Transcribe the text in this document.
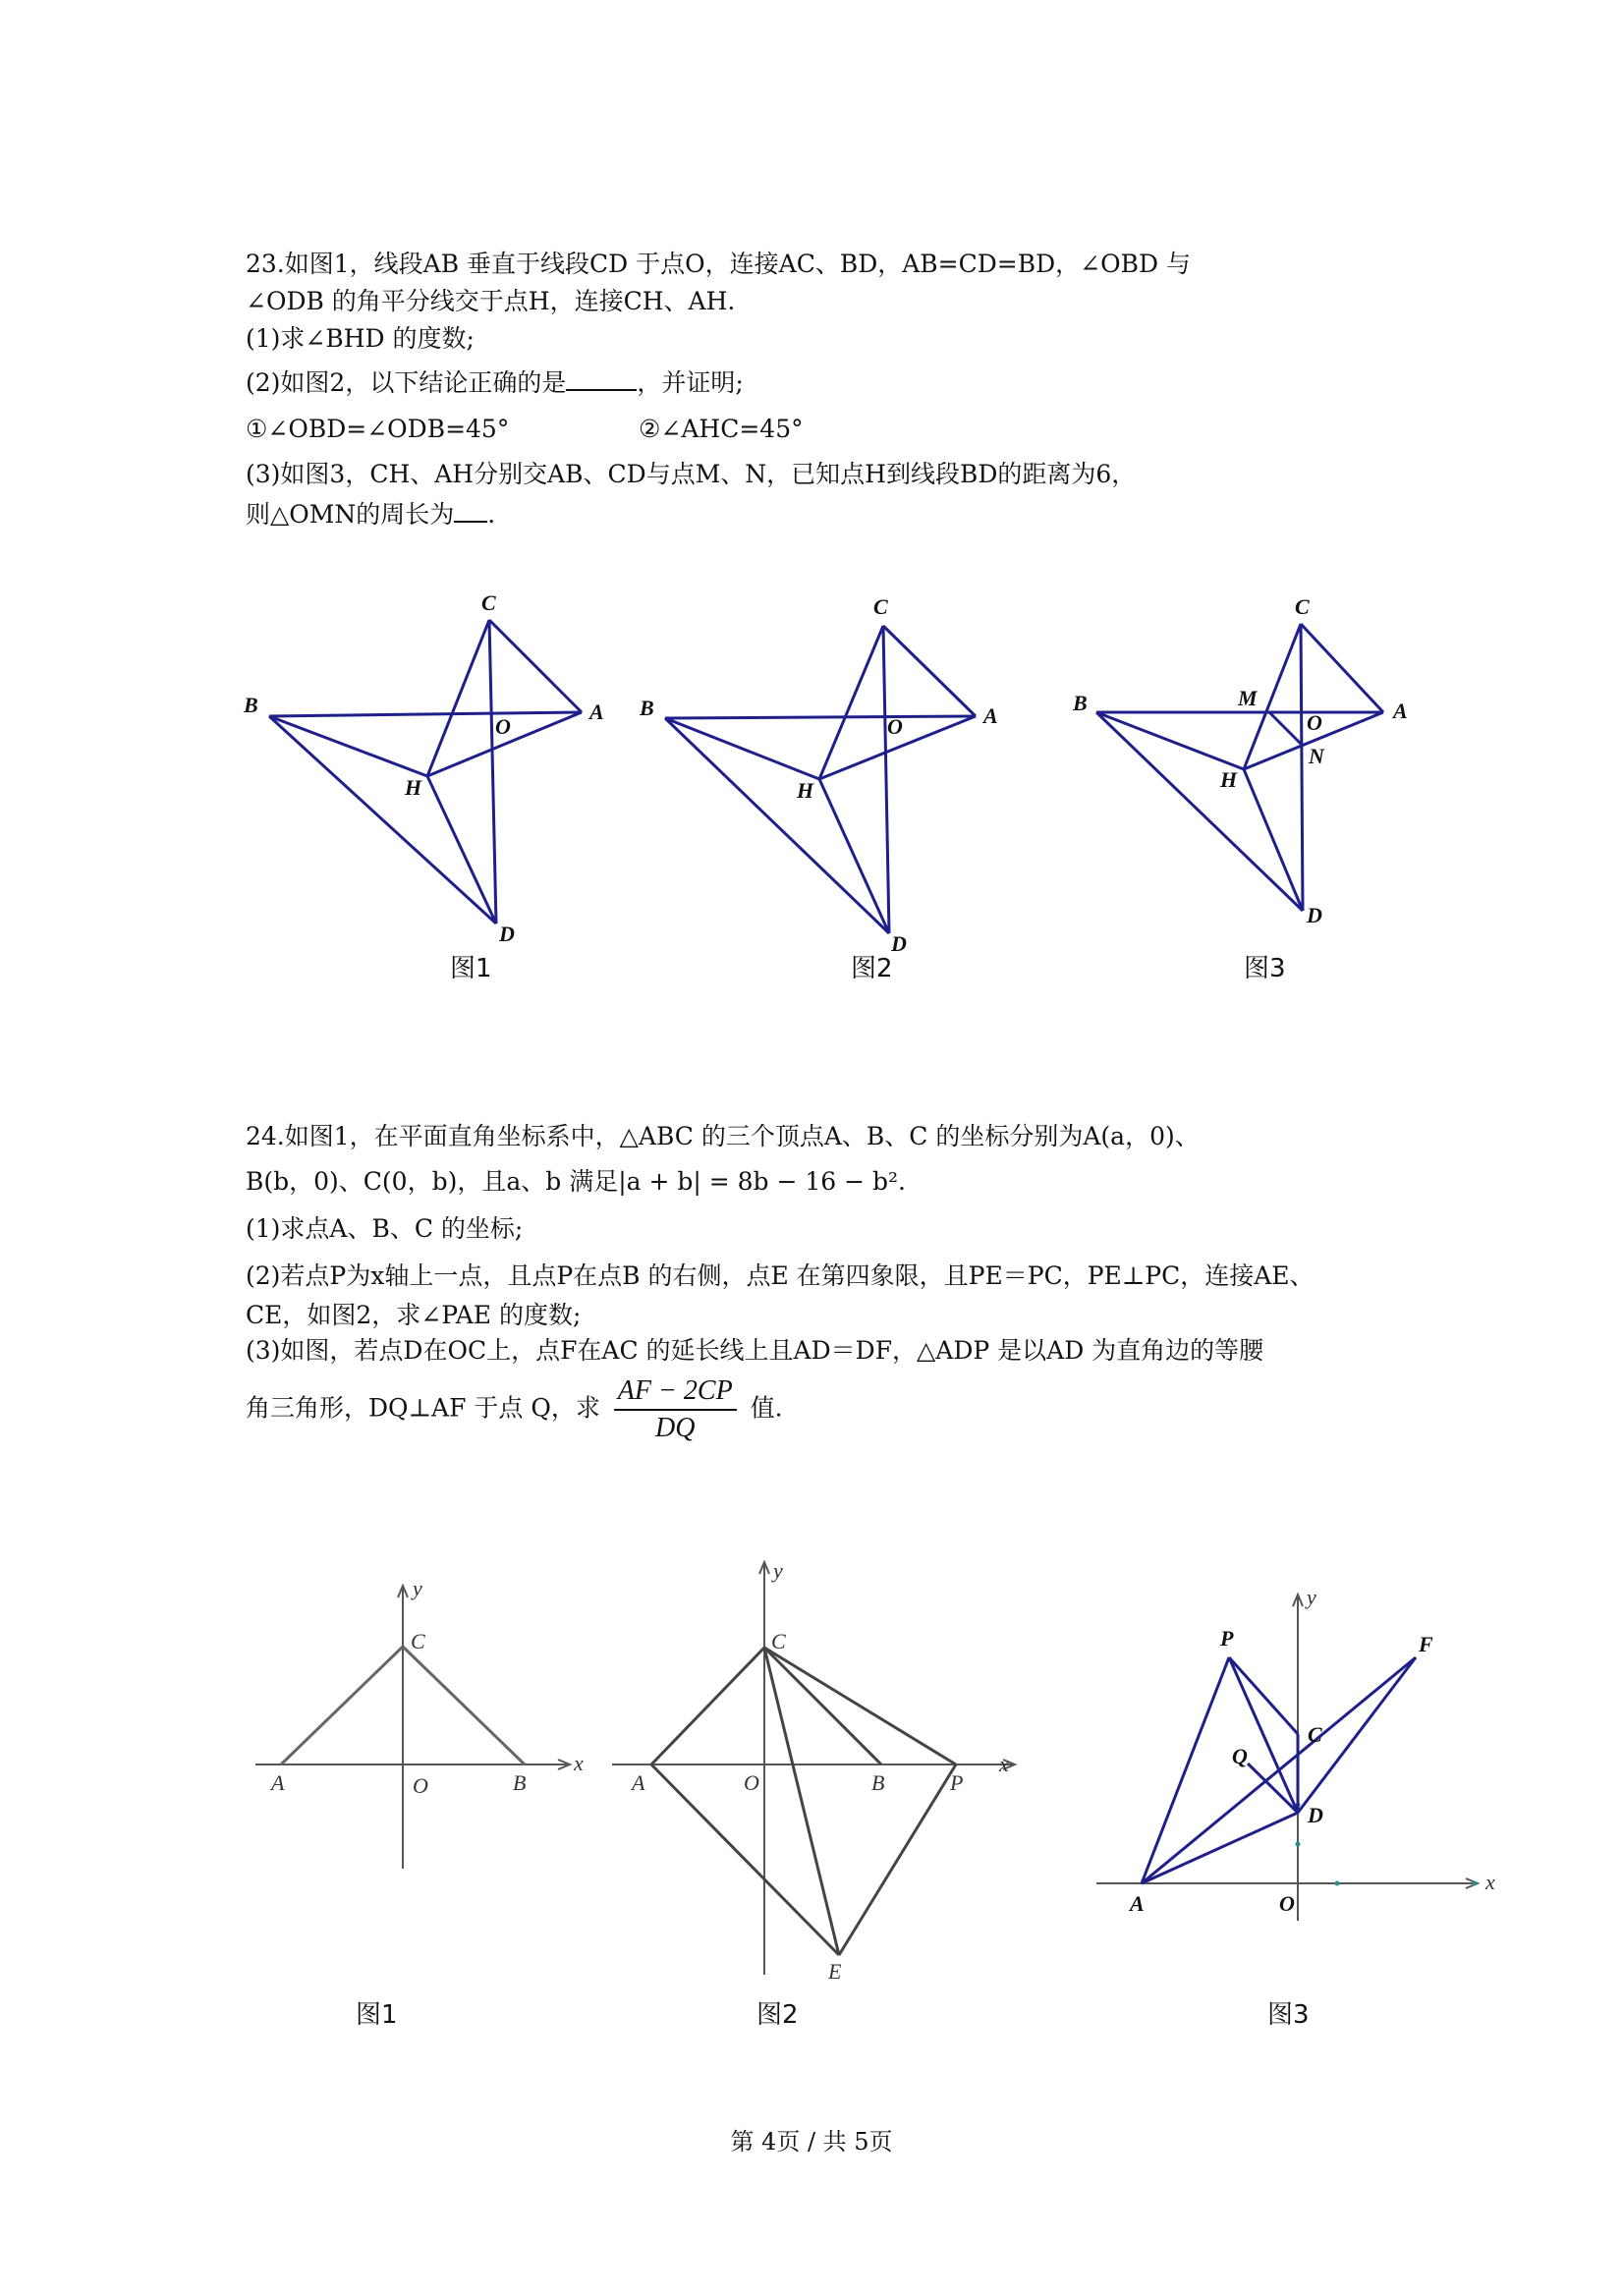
23.如图1，线段AB 垂直于线段CD 于点O，连接AC、BD，AB=CD=BD，∠OBD 与
∠ODB 的角平分线交于点H，连接CH、AH.
(1)求∠BHD 的度数;
(2)如图2，以下结论正确的是	，并证明;
①∠OBD=∠ODB=45°	②∠AHC=45°
(3)如图3，CH、AH分别交AB、CD与点M、N，已知点H到线段BD的距离为6，
则△OMN的周长为 .
C
B	A
O
H
D
图1
C
B	A
O
H
D
图2
C
B	A
M
O
N
H
D
图3
24.如图1，在平面直角坐标系中，△ABC 的三个顶点A、B、C 的坐标分别为A(a，0)、
B(b，0)、C(0，b)，且a、b 满足|a + b| = 8b − 16 − b².
(1)求点A、B、C 的坐标;
(2)若点P为x轴上一点，且点P在点B 的右侧，点E 在第四象限，且PE＝PC，PE⊥PC，连接AE、
CE，如图2，求∠PAE 的度数;
(3)如图，若点D在OC上，点F在AC 的延长线上且AD＝DF，△ADP 是以AD 为直角边的等腰
角三角形，DQ⊥AF 于点 Q，求 $\frac{AF - 2CP}{DQ}$ 值.
y
x
C
A	O	B
图1
y
x
C
A	O	B	P
E
图2
y
x
P	F
C
Q
D
A	O
图3
第 4页 / 共 5页
